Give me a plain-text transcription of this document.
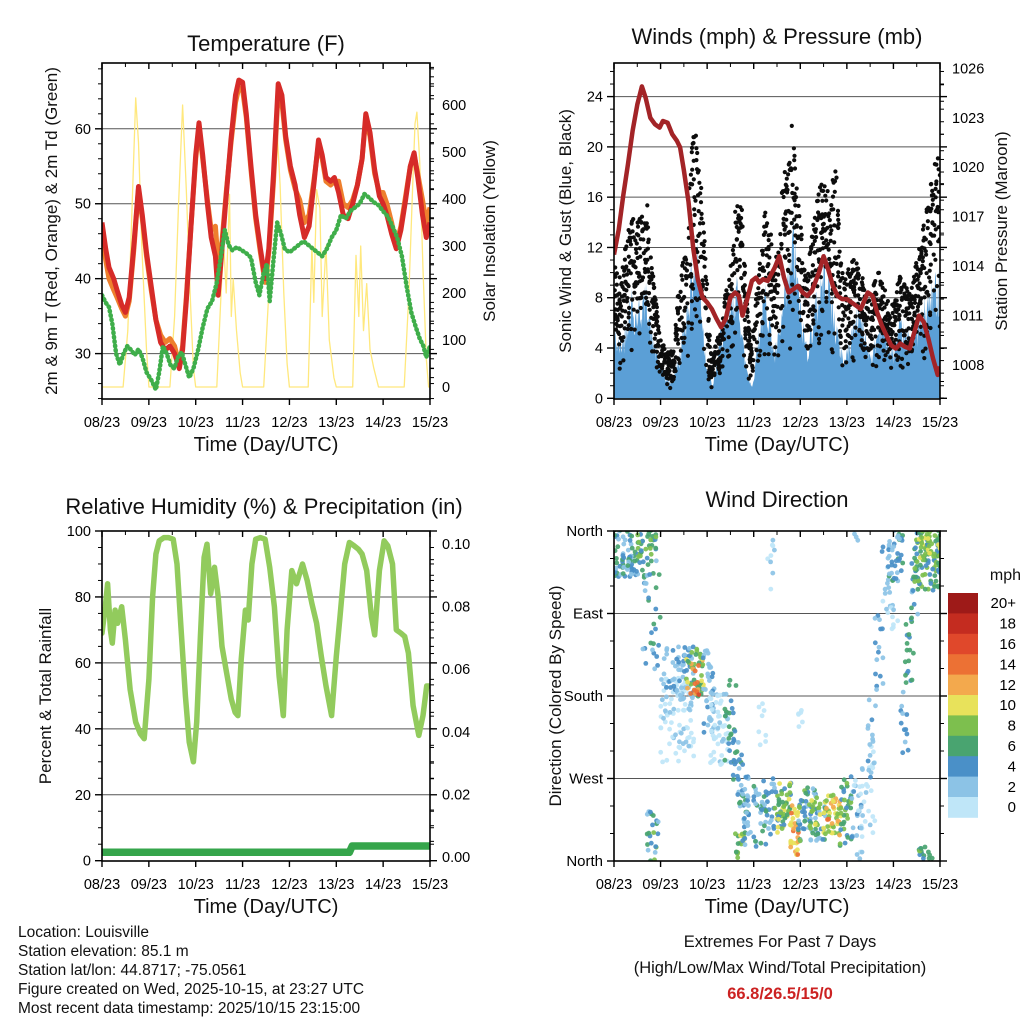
08/23 09/23 10/23 11/23 12/23 13/23 14/23 15/23
30
40
50
60
0
100
200
300
400
500
600
08/23 09/23 10/23 11/23 12/23 13/23 14/23 15/23
0
4
8
12
16
20
24
1008
1011
1014
1017
1020
1023
1026
08/23 09/23 10/23 11/23 12/23 13/23 14/23 15/23
0
20
40
60
80
100
0.00
0.02
0.04
0.06
0.08
0.10
08/23 09/23 10/23 11/23 12/23 13/23 14/23 15/23
North
East
South
West
North
20+
18
16
14
12
10
8
6
4
2
0
Temperature (F)	Winds (mph) & Pressure (mb)
Relative Humidity (%) & Precipitation (in)	Wind Direction
Time (Day/UTC)	Time (Day/UTC)
Time (Day/UTC)	Time (Day/UTC)
2m & 9m T (Red, Orange) & 2m Td (Green)	Solar Insolation (Yellow)	Sonic Wind & Gust (Blue, Black)	Station Pressure (Maroon)
Percent & Total Rainfall	Direction (Colored By Speed)
mph
Location: Louisville
Station elevation: 85.1 m
Station lat/lon: 44.8717; -75.0561
Figure created on Wed, 2025-10-15, at 23:27 UTC
Most recent data timestamp: 2025/10/15 23:15:00
Extremes For Past 7 Days
(High/Low/Max Wind/Total Precipitation)
66.8/26.5/15/0
